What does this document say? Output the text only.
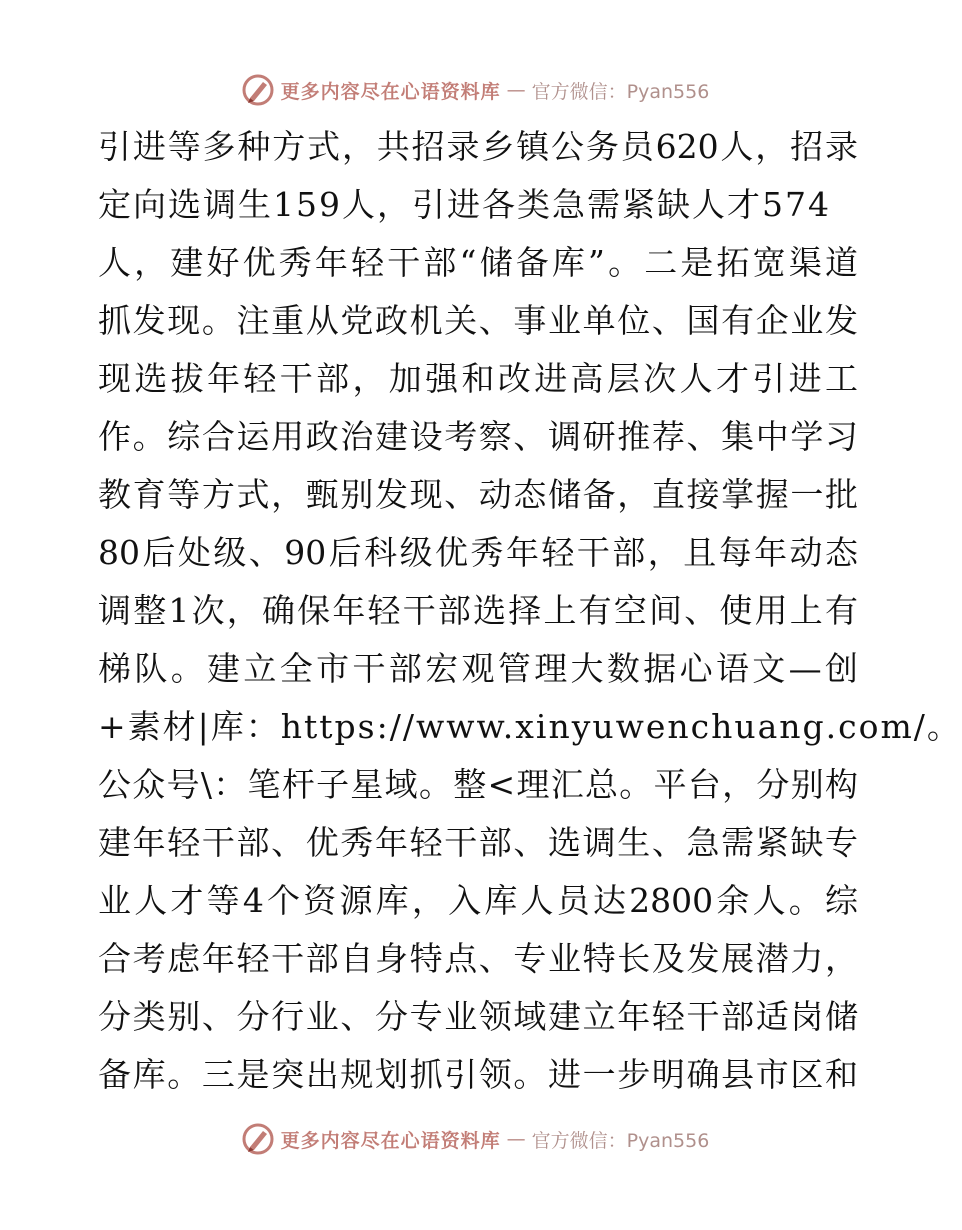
更多内容尽在心语资料库 — 官方微信：Pyan556
引进等多种方式，共招录乡镇公务员620人，招录
定向选调生159人，引进各类急需紧缺人才574
人，建好优秀年轻干部“储备库”。二是拓宽渠道
抓发现。注重从党政机关、事业单位、国有企业发
现选拔年轻干部，加强和改进高层次人才引进工
作。综合运用政治建设考察、调研推荐、集中学习
教育等方式，甄别发现、动态储备，直接掌握一批
80后处级、90后科级优秀年轻干部，且每年动态
调整1次，确保年轻干部选择上有空间、使用上有
梯队。建立全市干部宏观管理大数据心语文—创
+素材|库：https://www.xinyuwenchuang.com/。
公众号\：笔杆子星域。整<理汇总。平台，分别构
建年轻干部、优秀年轻干部、选调生、急需紧缺专
业人才等4个资源库，入库人员达2800余人。综
合考虑年轻干部自身特点、专业特长及发展潜力，
分类别、分行业、分专业领域建立年轻干部适岗储
备库。三是突出规划抓引领。进一步明确县市区和
更多内容尽在心语资料库 — 官方微信：Pyan556
